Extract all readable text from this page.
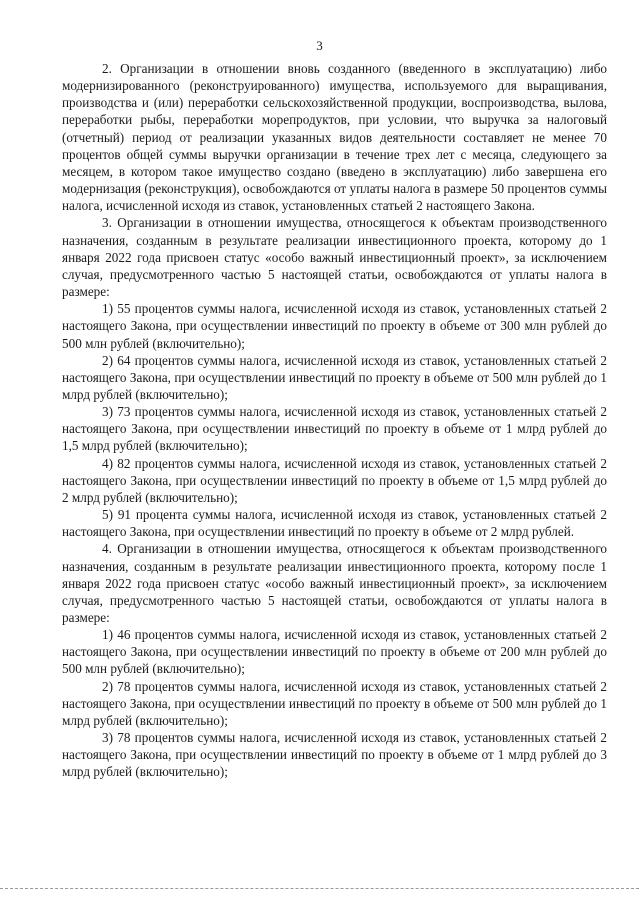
3

2. Организации в отношении вновь созданного (введенного в эксплуатацию) либо модернизированного (реконструированного) имущества, используемого для выращивания, производства и (или) переработки сельскохозяйственной продукции, воспроизводства, вылова, переработки рыбы, переработки морепродуктов, при условии, что выручка за налоговый (отчетный) период от реализации указанных видов деятельности составляет не менее 70 процентов общей суммы выручки организации в течение трех лет с месяца, следующего за месяцем, в котором такое имущество создано (введено в эксплуатацию) либо завершена его модернизация (реконструкция), освобождаются от уплаты налога в размере 50 процентов суммы налога, исчисленной исходя из ставок, установленных статьей 2 настоящего Закона.

3. Организации в отношении имущества, относящегося к объектам производственного назначения, созданным в результате реализации инвестиционного проекта, которому до 1 января 2022 года присвоен статус «особо важный инвестиционный проект», за исключением случая, предусмотренного частью 5 настоящей статьи, освобождаются от уплаты налога в размере:

1) 55 процентов суммы налога, исчисленной исходя из ставок, установленных статьей 2 настоящего Закона, при осуществлении инвестиций по проекту в объеме от 300 млн рублей до 500 млн рублей (включительно);

2) 64 процентов суммы налога, исчисленной исходя из ставок, установленных статьей 2 настоящего Закона, при осуществлении инвестиций по проекту в объеме от 500 млн рублей до 1 млрд рублей (включительно);

3) 73 процентов суммы налога, исчисленной исходя из ставок, установленных статьей 2 настоящего Закона, при осуществлении инвестиций по проекту в объеме от 1 млрд рублей до 1,5 млрд рублей (включительно);

4) 82 процентов суммы налога, исчисленной исходя из ставок, установленных статьей 2 настоящего Закона, при осуществлении инвестиций по проекту в объеме от 1,5 млрд рублей до 2 млрд рублей (включительно);

5) 91 процента суммы налога, исчисленной исходя из ставок, установленных статьей 2 настоящего Закона, при осуществлении инвестиций по проекту в объеме от 2 млрд рублей.

4. Организации в отношении имущества, относящегося к объектам производственного назначения, созданным в результате реализации инвестиционного проекта, которому после 1 января 2022 года присвоен статус «особо важный инвестиционный проект», за исключением случая, предусмотренного частью 5 настоящей статьи, освобождаются от уплаты налога в размере:

1) 46 процентов суммы налога, исчисленной исходя из ставок, установленных статьей 2 настоящего Закона, при осуществлении инвестиций по проекту в объеме от 200 млн рублей до 500 млн рублей (включительно);

2) 78 процентов суммы налога, исчисленной исходя из ставок, установленных статьей 2 настоящего Закона, при осуществлении инвестиций по проекту в объеме от 500 млн рублей до 1 млрд рублей (включительно);

3) 78 процентов суммы налога, исчисленной исходя из ставок, установленных статьей 2 настоящего Закона, при осуществлении инвестиций по проекту в объеме от 1 млрд рублей до 3 млрд рублей (включительно);
